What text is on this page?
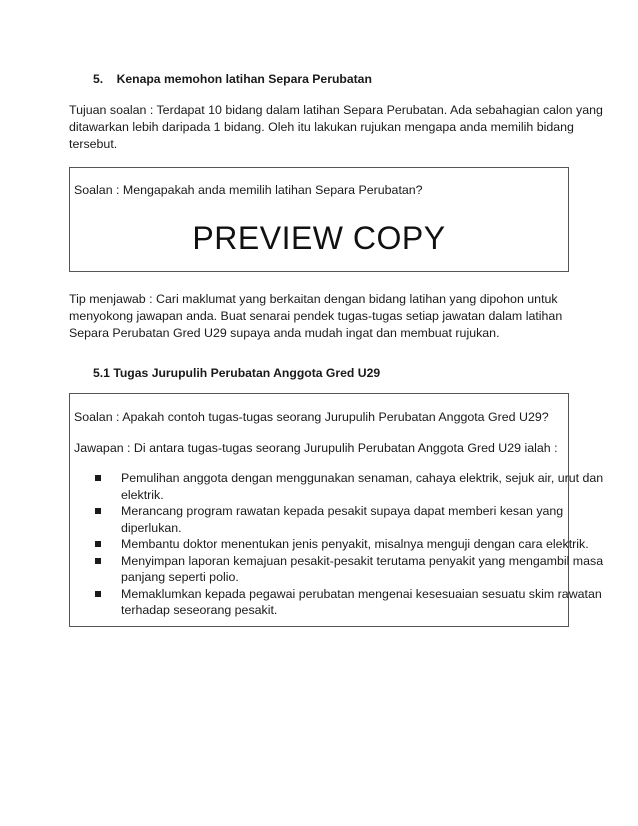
5. Kenapa memohon latihan Separa Perubatan
Tujuan soalan : Terdapat 10 bidang dalam latihan Separa Perubatan. Ada sebahagian calon yang
ditawarkan lebih daripada 1 bidang. Oleh itu lakukan rujukan mengapa anda memilih bidang
tersebut.
Soalan : Mengapakah anda memilih latihan Separa Perubatan?
PREVIEW COPY
Tip menjawab : Cari maklumat yang berkaitan dengan bidang latihan yang dipohon untuk
menyokong jawapan anda. Buat senarai pendek tugas-tugas setiap jawatan dalam latihan
Separa Perubatan Gred U29 supaya anda mudah ingat dan membuat rujukan.
5.1 Tugas Jurupulih Perubatan Anggota Gred U29
Soalan : Apakah contoh tugas-tugas seorang Jurupulih Perubatan Anggota Gred U29?
Jawapan : Di antara tugas-tugas seorang Jurupulih Perubatan Anggota Gred U29 ialah :
Pemulihan anggota dengan menggunakan senaman, cahaya elektrik, sejuk air, urut dan
elektrik.
Merancang program rawatan kepada pesakit supaya dapat memberi kesan yang
diperlukan.
Membantu doktor menentukan jenis penyakit, misalnya menguji dengan cara elektrik.
Menyimpan laporan kemajuan pesakit-pesakit terutama penyakit yang mengambil masa
panjang seperti polio.
Memaklumkan kepada pegawai perubatan mengenai kesesuaian sesuatu skim rawatan
terhadap seseorang pesakit.
